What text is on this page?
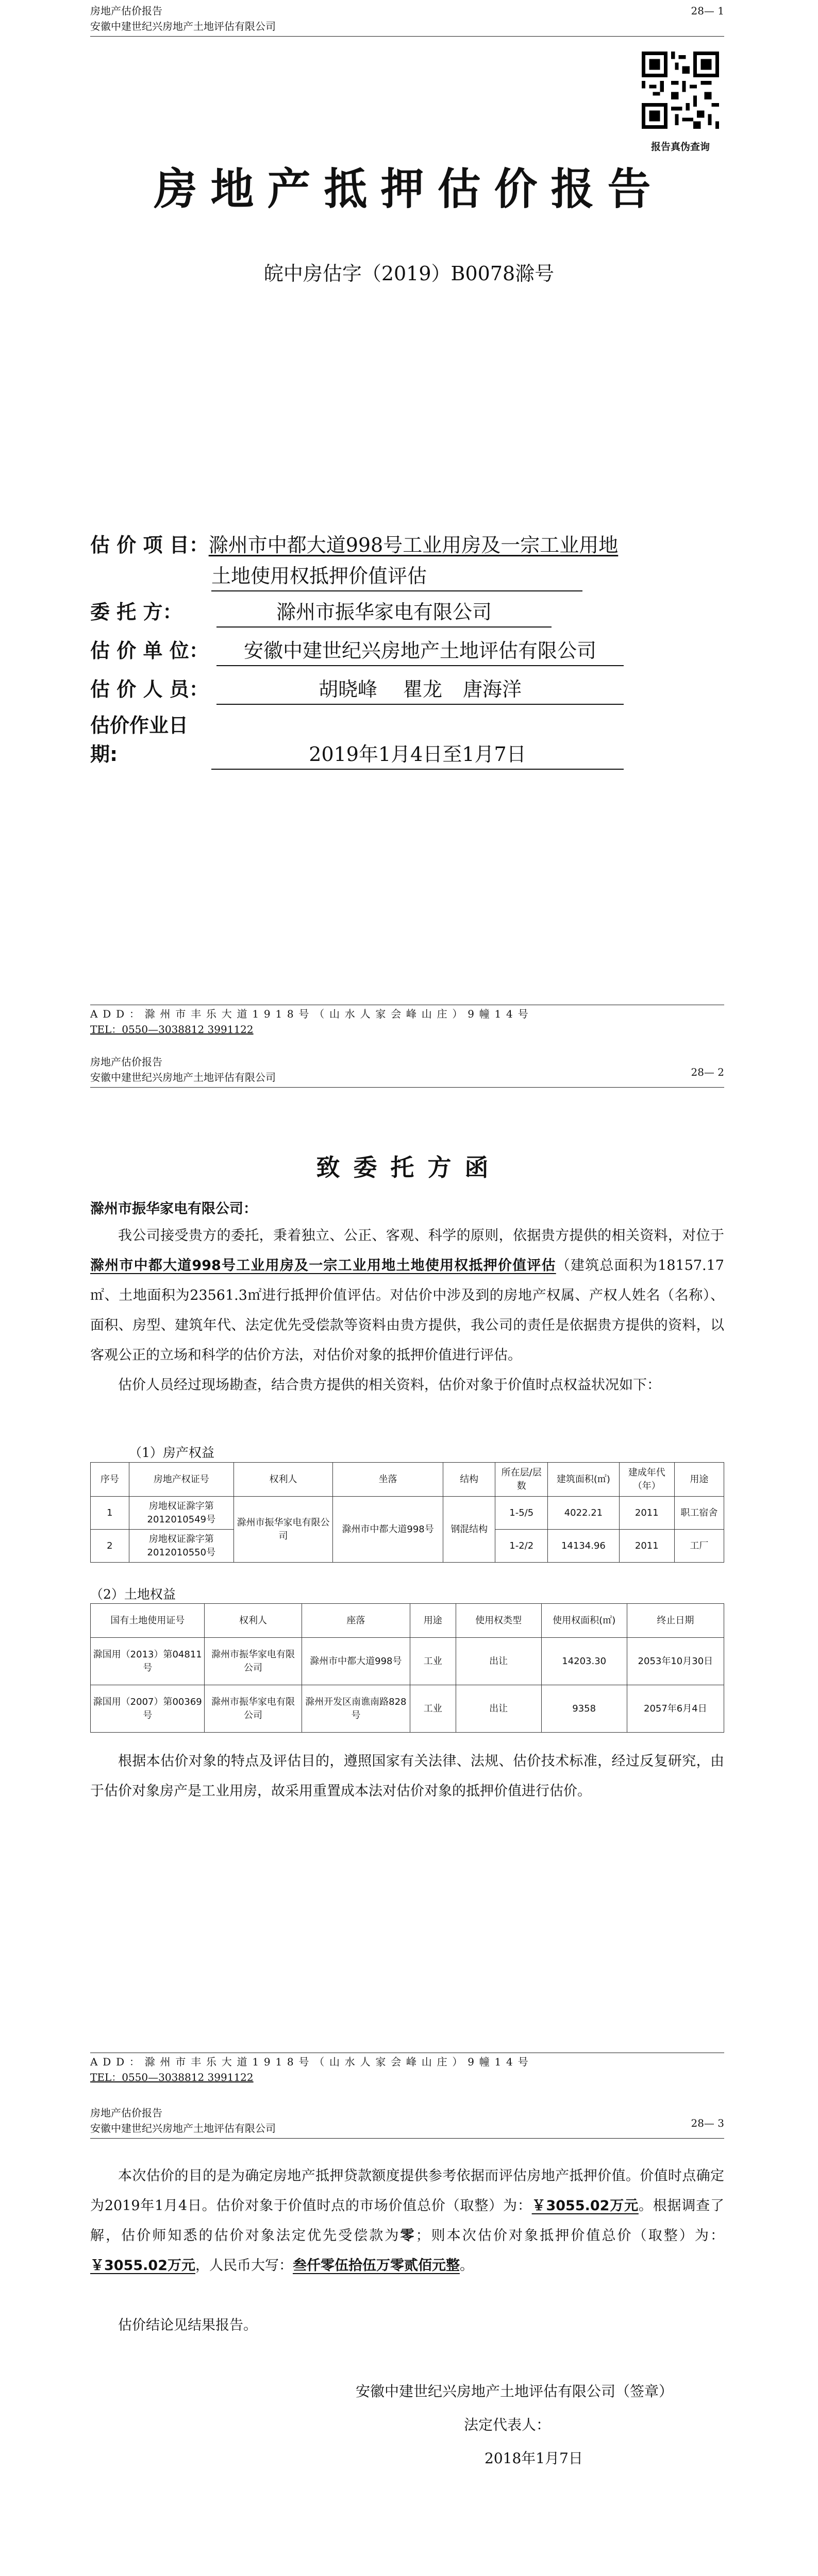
房地产估价报告
安徽中建世纪兴房地产土地评估有限公司
28— 1
报告真伪查询
房地产抵押估价报告
皖中房估字（2019）B0078滁号
估 价 项 目：滁州市中都大道998号工业用房及一宗工业用地
土地使用权抵押价值评估
委 托 方：	滁州市振华家电有限公司
估 价 单 位： 安徽中建世纪兴房地产土地评估有限公司
估 价 人 员：	胡晓峰 瞿龙 唐海洋
估价作业日期:	2019年1月4日至1月7日
ADD：滁州市丰乐大道1918号（山水人家会峰山庄）9幢14号
TEL：0550—3038812 3991122
房地产估价报告
安徽中建世纪兴房地产土地评估有限公司	28— 2
致委托方函
滁州市振华家电有限公司：
我公司接受贵方的委托，秉着独立、公正、客观、科学的原则，依据贵方提供的相关资料，对位于滁州市中都大道998号工业用房及一宗工业用地土地使用权抵押价值评估（建筑总面积为18157.17㎡、土地面积为23561.3㎡进行抵押价值评估。对估价中涉及到的房地产权属、产权人姓名（名称）、面积、房型、建筑年代、法定优先受偿款等资料由贵方提供，我公司的责任是依据贵方提供的资料，以客观公正的立场和科学的估价方法，对估价对象的抵押价值进行评估。
估价人员经过现场勘查，结合贵方提供的相关资料，估价对象于价值时点权益状况如下：
（1）房产权益
序号	房地产权证号	权利人	坐落	结构	所在层/层数	建筑面积(㎡)	建成年代（年）	用途
1	房地权证滁字第2012010549号	滁州市振华家电有限公司	滁州市中都大道998号	钢混结构	1-5/5	4022.21	2011	职工宿舍
2	房地权证滁字第2012010550号				1-2/2	14134.96	2011	工厂
（2）土地权益
国有土地使用证号	权利人	座落	用途	使用权类型	使用权面积(㎡)	终止日期
滁国用（2013）第04811号	滁州市振华家电有限公司	滁州市中都大道998号	工业	出让	14203.30	2053年10月30日
滁国用（2007）第00369号	滁州市振华家电有限公司	滁州开发区南谯南路828号	工业	出让	9358	2057年6月4日
根据本估价对象的特点及评估目的，遵照国家有关法律、法规、估价技术标准，经过反复研究，由于估价对象房产是工业用房，故采用重置成本法对估价对象的抵押价值进行估价。
ADD：滁州市丰乐大道1918号（山水人家会峰山庄）9幢14号
TEL：0550—3038812 3991122
房地产估价报告
安徽中建世纪兴房地产土地评估有限公司	28— 3
本次估价的目的是为确定房地产抵押贷款额度提供参考依据而评估房地产抵押价值。价值时点确定为2019年1月4日。估价对象于价值时点的市场价值总价（取整）为：￥3055.02万元。根据调查了解，估价师知悉的估价对象法定优先受偿款为零；则本次估价对象抵押价值总价（取整）为：￥3055.02万元，人民币大写：叁仟零伍拾伍万零贰佰元整。
估价结论见结果报告。
安徽中建世纪兴房地产土地评估有限公司（签章）
法定代表人：
2018年1月7日
